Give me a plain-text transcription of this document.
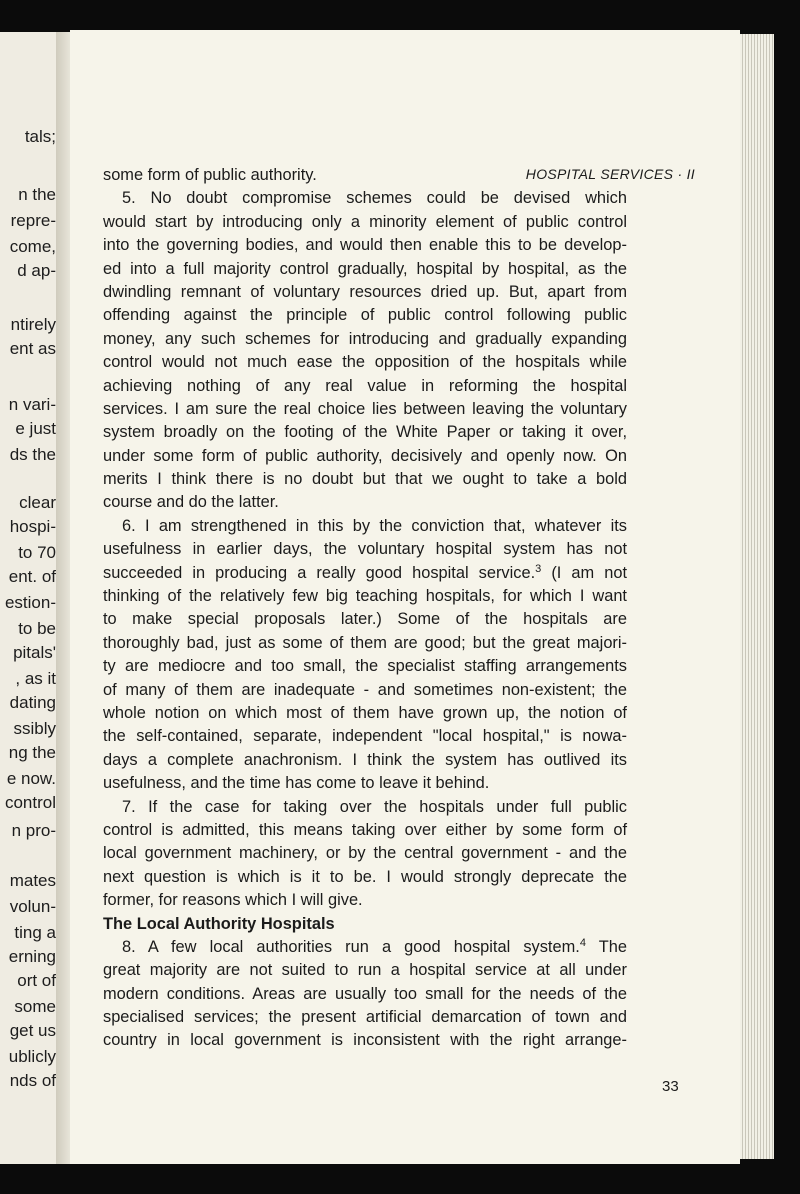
tals;
n the
repre-
come,
d ap-
ntirely
ent as
n vari-
e just
ds the
clear
hospi-
to 70
ent. of
estion-
to be
pitals'
, as it
dating
ssibly
ng the
e now.
control
n pro-
mates
volun-
ting a
erning
ort of
some
get us
ublicly
nds of
HOSPITAL SERVICES · II
33
some form of public authority.
5. No doubt compromise schemes could be devised which
would start by introducing only a minority element of public control
into the governing bodies, and would then enable this to be develop-
ed into a full majority control gradually, hospital by hospital, as the
dwindling remnant of voluntary resources dried up. But, apart from
offending against the principle of public control following public
money, any such schemes for introducing and gradually expanding
control would not much ease the opposition of the hospitals while
achieving nothing of any real value in reforming the hospital
services. I am sure the real choice lies between leaving the voluntary
system broadly on the footing of the White Paper or taking it over,
under some form of public authority, decisively and openly now. On
merits I think there is no doubt but that we ought to take a bold
course and do the latter.
6. I am strengthened in this by the conviction that, whatever its
usefulness in earlier days, the voluntary hospital system has not
succeeded in producing a really good hospital service.$^3$ (I am not
thinking of the relatively few big teaching hospitals, for which I want
to make special proposals later.) Some of the hospitals are
thoroughly bad, just as some of them are good; but the great majori-
ty are mediocre and too small, the specialist staffing arrangements
of many of them are inadequate - and sometimes non-existent; the
whole notion on which most of them have grown up, the notion of
the self-contained, separate, independent "local hospital," is nowa-
days a complete anachronism. I think the system has outlived its
usefulness, and the time has come to leave it behind.
7. If the case for taking over the hospitals under full public
control is admitted, this means taking over either by some form of
local government machinery, or by the central government - and the
next question is which is it to be. I would strongly deprecate the
former, for reasons which I will give.
The Local Authority Hospitals
8. A few local authorities run a good hospital system.$^4$ The
great majority are not suited to run a hospital service at all under
modern conditions. Areas are usually too small for the needs of the
specialised services; the present artificial demarcation of town and
country in local government is inconsistent with the right arrange-
